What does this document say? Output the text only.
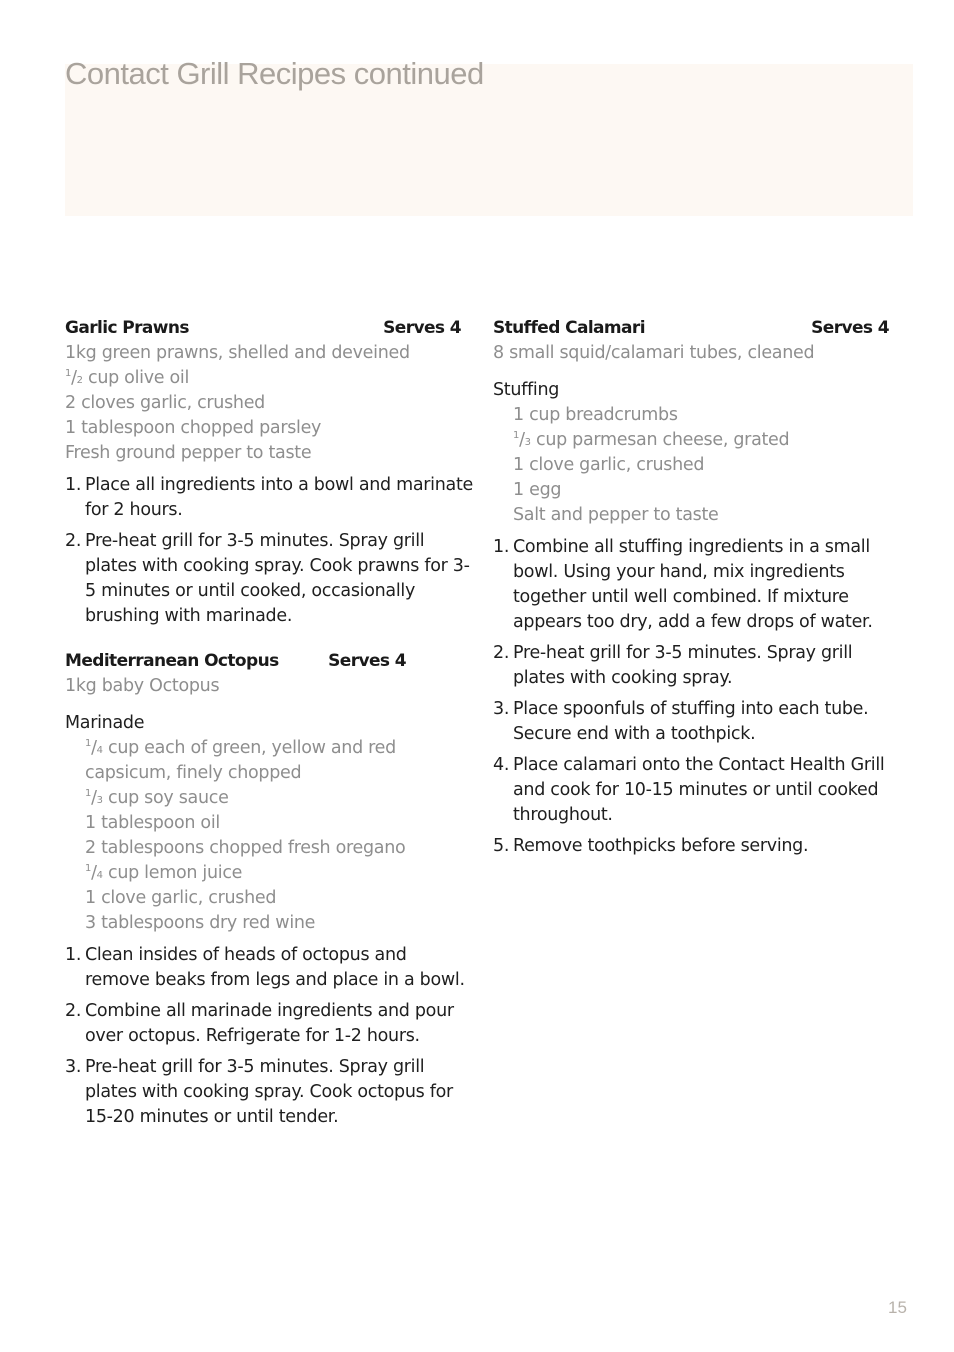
Contact Grill Recipes continued
Garlic Prawns	Serves 4
1kg green prawns, shelled and deveined
$^1$/2 cup olive oil
2 cloves garlic, crushed
1 tablespoon chopped parsley
Fresh ground pepper to taste
1. Place all ingredients into a bowl and marinate for 2 hours.
2. Pre-heat grill for 3-5 minutes. Spray grill plates with cooking spray. Cook prawns for 3-5 minutes or until cooked, occasionally brushing with marinade.
Mediterranean Octopus	Serves 4
1kg baby Octopus
Marinade
$^1$/4 cup each of green, yellow and red capsicum, finely chopped
$^1$/3 cup soy sauce
1 tablespoon oil
2 tablespoons chopped fresh oregano
$^1$/4 cup lemon juice
1 clove garlic, crushed
3 tablespoons dry red wine
1. Clean insides of heads of octopus and remove beaks from legs and place in a bowl.
2. Combine all marinade ingredients and pour over octopus. Refrigerate for 1-2 hours.
3. Pre-heat grill for 3-5 minutes. Spray grill plates with cooking spray. Cook octopus for 15-20 minutes or until tender.
Stuffed Calamari	Serves 4
8 small squid/calamari tubes, cleaned
Stuffing
1 cup breadcrumbs
$^1$/3 cup parmesan cheese, grated
1 clove garlic, crushed
1 egg
Salt and pepper to taste
1. Combine all stuffing ingredients in a small bowl. Using your hand, mix ingredients together until well combined. If mixture appears too dry, add a few drops of water.
2. Pre-heat grill for 3-5 minutes. Spray grill plates with cooking spray.
3. Place spoonfuls of stuffing into each tube. Secure end with a toothpick.
4. Place calamari onto the Contact Health Grill and cook for 10-15 minutes or until cooked throughout.
5. Remove toothpicks before serving.
15
